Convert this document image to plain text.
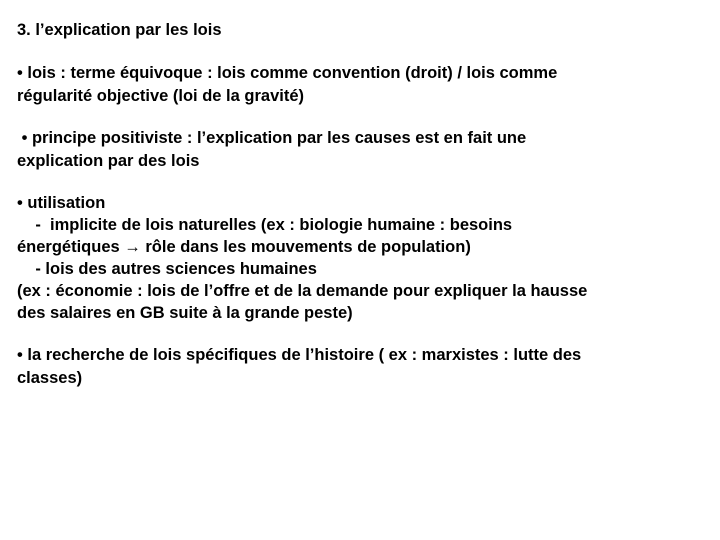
3. l’explication par les lois
• lois : terme équivoque : lois comme convention (droit) / lois comme
régularité objective (loi de la gravité)
• principe positiviste : l’explication par les causes est en fait une
explication par des lois
• utilisation
-  implicite de lois naturelles (ex : biologie humaine : besoins
énergétiques → rôle dans les mouvements de population)
- lois des autres sciences humaines
(ex : économie : lois de l’offre et de la demande pour expliquer la hausse
des salaires en GB suite à la grande peste)
• la recherche de lois spécifiques de l’histoire ( ex : marxistes : lutte des
classes)
